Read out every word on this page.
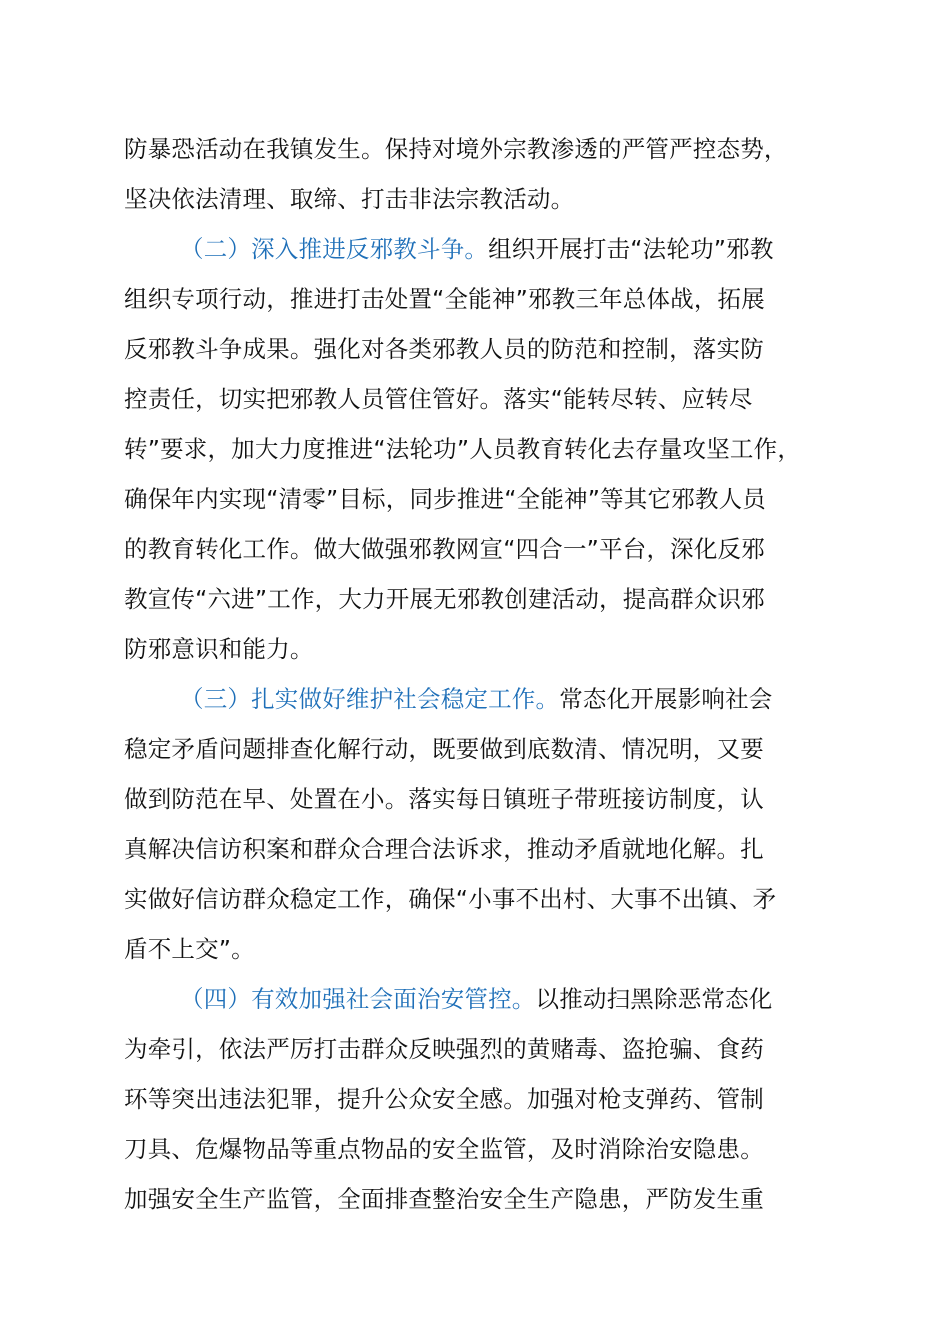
防暴恐活动在我镇发生。保持对境外宗教渗透的严管严控态势，
坚决依法清理、取缔、打击非法宗教活动。
（二）深入推进反邪教斗争。组织开展打击“法轮功”邪教
组织专项行动，推进打击处置“全能神”邪教三年总体战，拓展
反邪教斗争成果。强化对各类邪教人员的防范和控制，落实防
控责任，切实把邪教人员管住管好。落实“能转尽转、应转尽
转”要求，加大力度推进“法轮功”人员教育转化去存量攻坚工作，
确保年内实现“清零”目标，同步推进“全能神”等其它邪教人员
的教育转化工作。做大做强邪教网宣“四合一”平台，深化反邪
教宣传“六进”工作，大力开展无邪教创建活动，提高群众识邪
防邪意识和能力。
（三）扎实做好维护社会稳定工作。常态化开展影响社会
稳定矛盾问题排查化解行动，既要做到底数清、情况明，又要
做到防范在早、处置在小。落实每日镇班子带班接访制度，认
真解决信访积案和群众合理合法诉求，推动矛盾就地化解。扎
实做好信访群众稳定工作，确保“小事不出村、大事不出镇、矛
盾不上交”。
（四）有效加强社会面治安管控。以推动扫黑除恶常态化
为牵引，依法严厉打击群众反映强烈的黄赌毒、盗抢骗、食药
环等突出违法犯罪，提升公众安全感。加强对枪支弹药、管制
刀具、危爆物品等重点物品的安全监管，及时消除治安隐患。
加强安全生产监管，全面排查整治安全生产隐患，严防发生重
